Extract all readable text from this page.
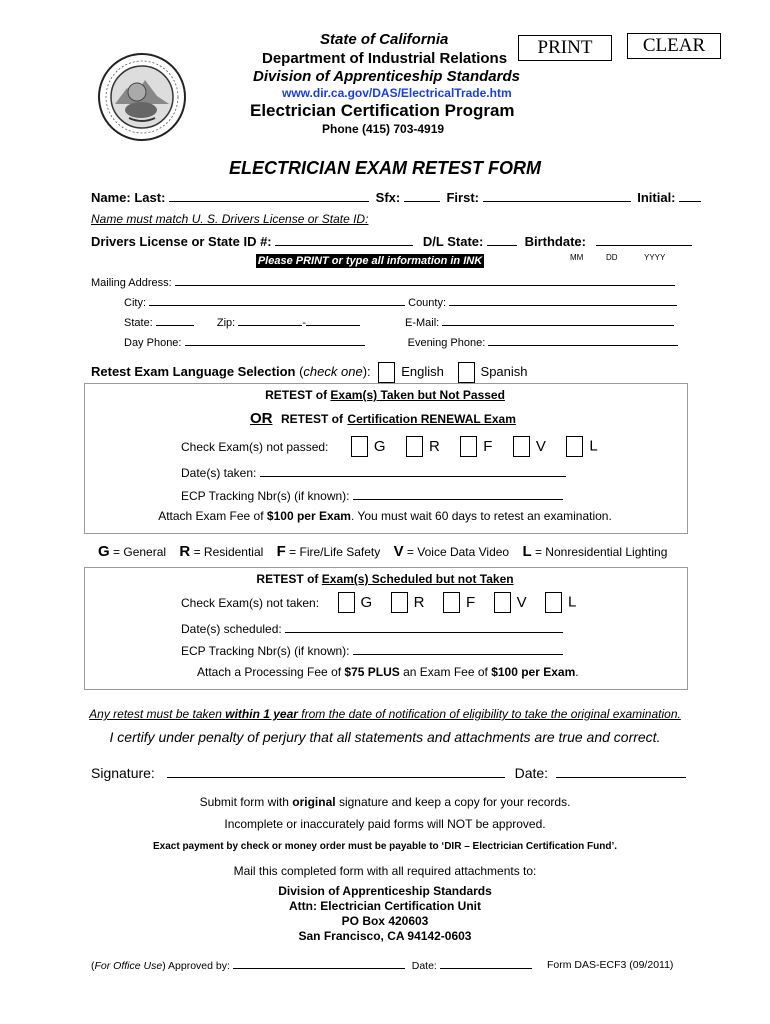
State of California
Department of Industrial Relations
Division of Apprenticeship Standards
www.dir.ca.gov/DAS/ElectricalTrade.htm
Electrician Certification Program
Phone (415) 703-4919
PRINT	CLEAR
ELECTRICIAN EXAM RETEST FORM
Name: Last:	Sfx:	First:	Initial:
Name must match U. S. Drivers License or State ID:
Drivers License or State ID #:	D/L State:	Birthdate:
Please PRINT or type all information in INK	MM	DD	YYYY
Mailing Address:
City:	County:
State:	Zip:	-	E-Mail:
Day Phone:	Evening Phone:
Retest Exam Language Selection (check one): English	Spanish
RETEST of Exam(s) Taken but Not Passed
OR RETEST of Certification RENEWAL Exam
Check Exam(s) not passed:	G	R	F	V	L
Date(s) taken:
ECP Tracking Nbr(s) (if known):
Attach Exam Fee of $100 per Exam. You must wait 60 days to retest an examination.
G = General R = Residential F = Fire/Life Safety V = Voice Data Video L = Nonresidential Lighting
RETEST of Exam(s) Scheduled but not Taken
Check Exam(s) not taken:	G	R	F	V	L
Date(s) scheduled:
ECP Tracking Nbr(s) (if known):
Attach a Processing Fee of $75 PLUS an Exam Fee of $100 per Exam.
Any retest must be taken within 1 year from the date of notification of eligibility to take the original examination.
I certify under penalty of perjury that all statements and attachments are true and correct.
Signature:	Date:
Submit form with original signature and keep a copy for your records.
Incomplete or inaccurately paid forms will NOT be approved.
Exact payment by check or money order must be payable to ‘DIR – Electrician Certification Fund’.
Mail this completed form with all required attachments to:
Division of Apprenticeship Standards
Attn: Electrician Certification Unit
PO Box 420603
San Francisco, CA 94142-0603
(For Office Use) Approved by:	Date:	Form DAS-ECF3 (09/2011)
